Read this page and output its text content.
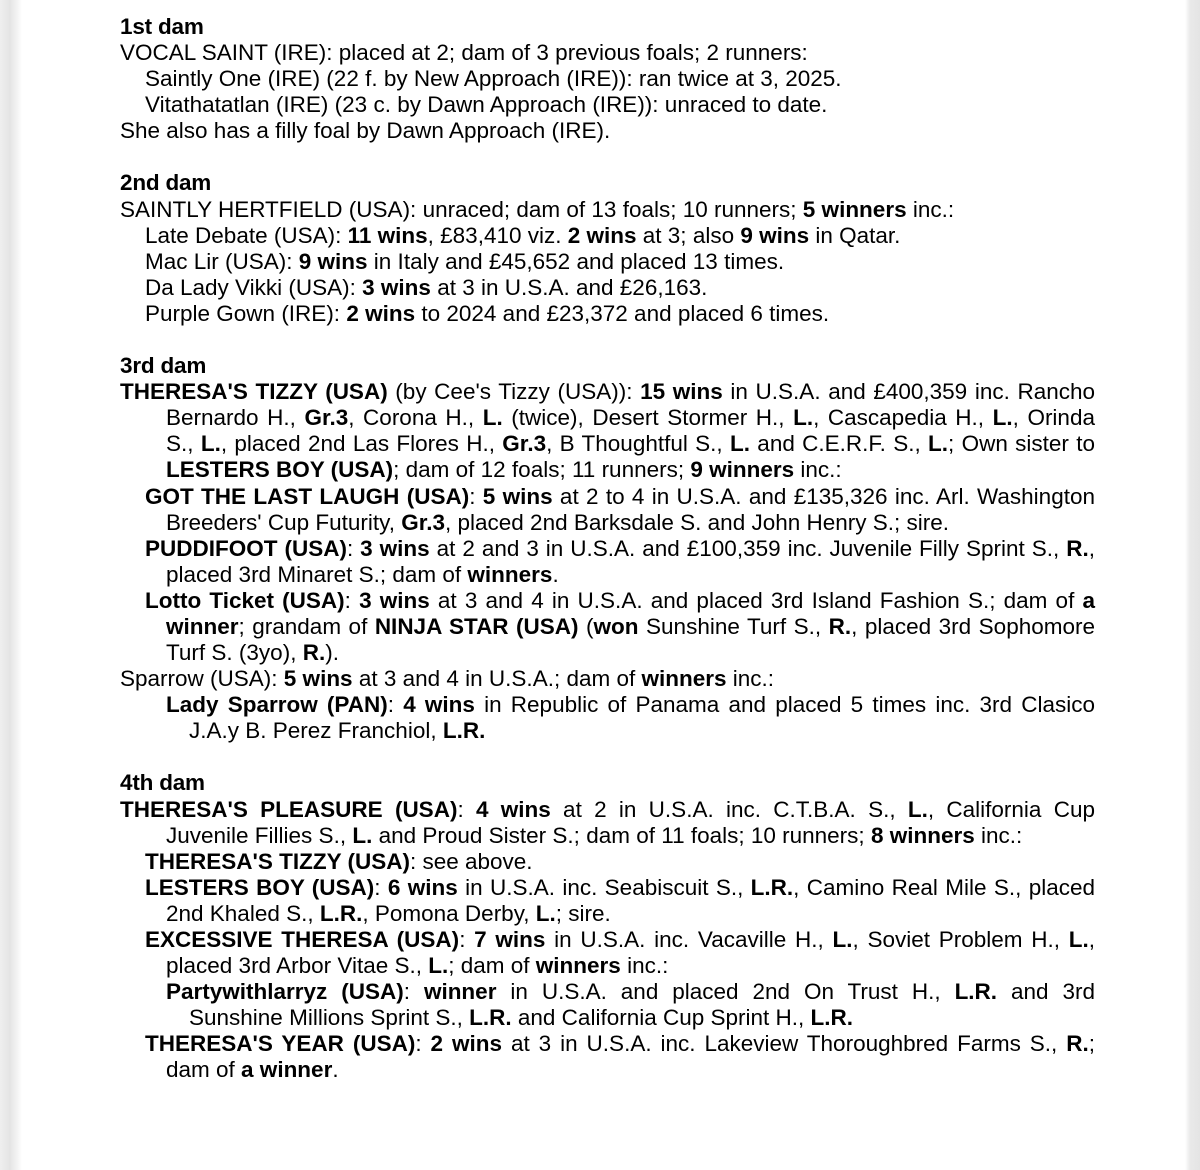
1st dam

VOCAL SAINT (IRE): placed at 2; dam of 3 previous foals; 2 runners:

Saintly One (IRE) (22 f. by New Approach (IRE)): ran twice at 3, 2025.

Vitathatatlan (IRE) (23 c. by Dawn Approach (IRE)): unraced to date.

She also has a filly foal by Dawn Approach (IRE).

2nd dam

SAINTLY HERTFIELD (USA): unraced; dam of 13 foals; 10 runners; 5 winners inc.:

Late Debate (USA): 11 wins, £83,410 viz. 2 wins at 3; also 9 wins in Qatar.

Mac Lir (USA): 9 wins in Italy and £45,652 and placed 13 times.

Da Lady Vikki (USA): 3 wins at 3 in U.S.A. and £26,163.

Purple Gown (IRE): 2 wins to 2024 and £23,372 and placed 6 times.

3rd dam

THERESA'S TIZZY (USA) (by Cee's Tizzy (USA)): 15 wins in U.S.A. and £400,359 inc. Rancho Bernardo H., Gr.3, Corona H., L. (twice), Desert Stormer H., L., Cascapedia H., L., Orinda S., L., placed 2nd Las Flores H., Gr.3, B Thoughtful S., L. and C.E.R.F. S., L.; Own sister to LESTERS BOY (USA); dam of 12 foals; 11 runners; 9 winners inc.:

GOT THE LAST LAUGH (USA): 5 wins at 2 to 4 in U.S.A. and £135,326 inc. Arl. Washington Breeders' Cup Futurity, Gr.3, placed 2nd Barksdale S. and John Henry S.; sire.

PUDDIFOOT (USA): 3 wins at 2 and 3 in U.S.A. and £100,359 inc. Juvenile Filly Sprint S., R., placed 3rd Minaret S.; dam of winners.

Lotto Ticket (USA): 3 wins at 3 and 4 in U.S.A. and placed 3rd Island Fashion S.; dam of a winner; grandam of NINJA STAR (USA) (won Sunshine Turf S., R., placed 3rd Sophomore Turf S. (3yo), R.).

Sparrow (USA): 5 wins at 3 and 4 in U.S.A.; dam of winners inc.:

Lady Sparrow (PAN): 4 wins in Republic of Panama and placed 5 times inc. 3rd Clasico J.A.y B. Perez Franchiol, L.R.

4th dam

THERESA'S PLEASURE (USA): 4 wins at 2 in U.S.A. inc. C.T.B.A. S., L., California Cup Juvenile Fillies S., L. and Proud Sister S.; dam of 11 foals; 10 runners; 8 winners inc.:

THERESA'S TIZZY (USA): see above.

LESTERS BOY (USA): 6 wins in U.S.A. inc. Seabiscuit S., L.R., Camino Real Mile S., placed 2nd Khaled S., L.R., Pomona Derby, L.; sire.

EXCESSIVE THERESA (USA): 7 wins in U.S.A. inc. Vacaville H., L., Soviet Problem H., L., placed 3rd Arbor Vitae S., L.; dam of winners inc.:

Partywithlarryz (USA): winner in U.S.A. and placed 2nd On Trust H., L.R. and 3rd Sunshine Millions Sprint S., L.R. and California Cup Sprint H., L.R.

THERESA'S YEAR (USA): 2 wins at 3 in U.S.A. inc. Lakeview Thoroughbred Farms S., R.; dam of a winner.
